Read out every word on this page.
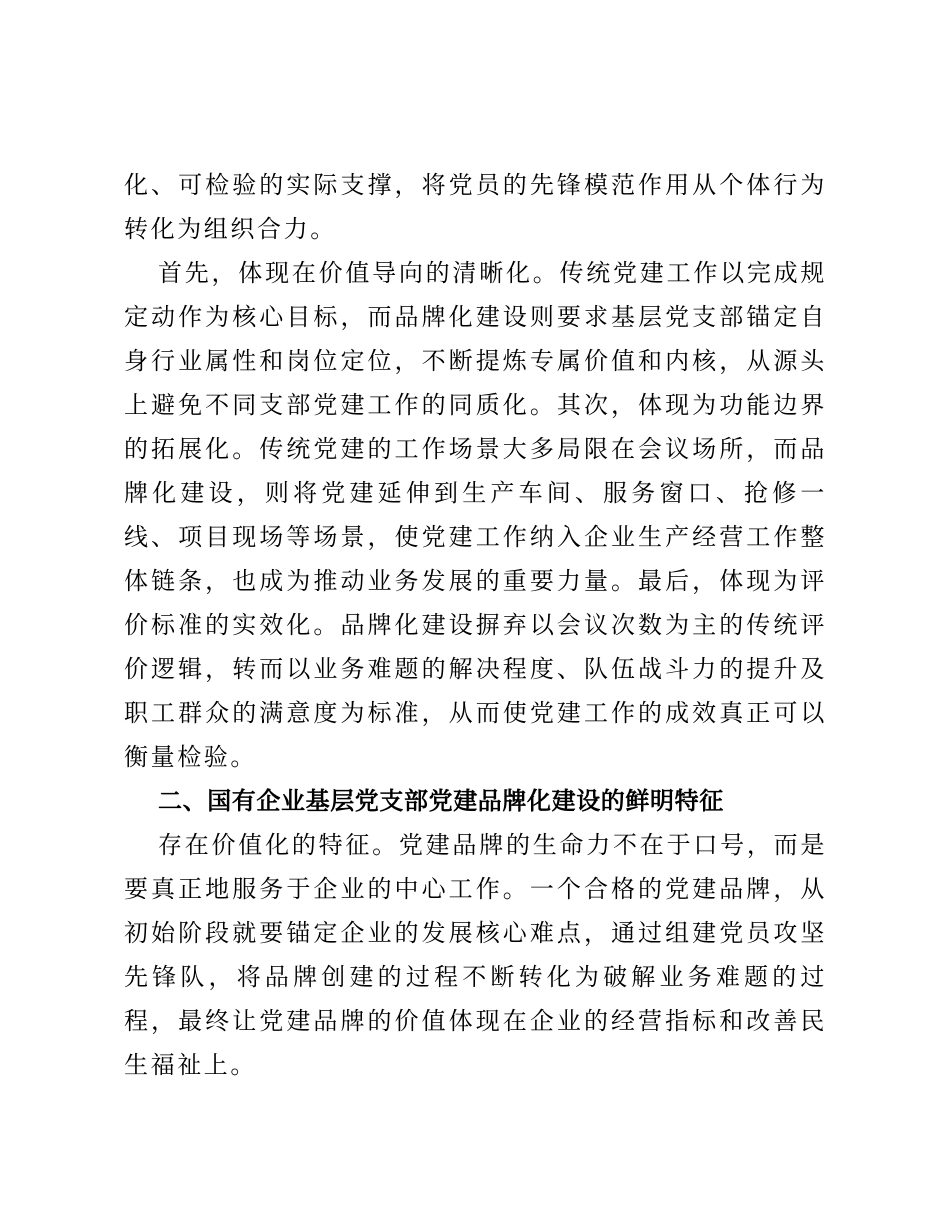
化、可检验的实际支撑，将党员的先锋模范作用从个体行为转化为组织合力。

首先，体现在价值导向的清晰化。传统党建工作以完成规定动作为核心目标，而品牌化建设则要求基层党支部锚定自身行业属性和岗位定位，不断提炼专属价值和内核，从源头上避免不同支部党建工作的同质化。其次，体现为功能边界的拓展化。传统党建的工作场景大多局限在会议场所，而品牌化建设，则将党建延伸到生产车间、服务窗口、抢修一线、项目现场等场景，使党建工作纳入企业生产经营工作整体链条，也成为推动业务发展的重要力量。最后，体现为评价标准的实效化。品牌化建设摒弃以会议次数为主的传统评价逻辑，转而以业务难题的解决程度、队伍战斗力的提升及职工群众的满意度为标准，从而使党建工作的成效真正可以衡量检验。

二、国有企业基层党支部党建品牌化建设的鲜明特征

存在价值化的特征。党建品牌的生命力不在于口号，而是要真正地服务于企业的中心工作。一个合格的党建品牌，从初始阶段就要锚定企业的发展核心难点，通过组建党员攻坚先锋队，将品牌创建的过程不断转化为破解业务难题的过程，最终让党建品牌的价值体现在企业的经营指标和改善民生福祉上。
